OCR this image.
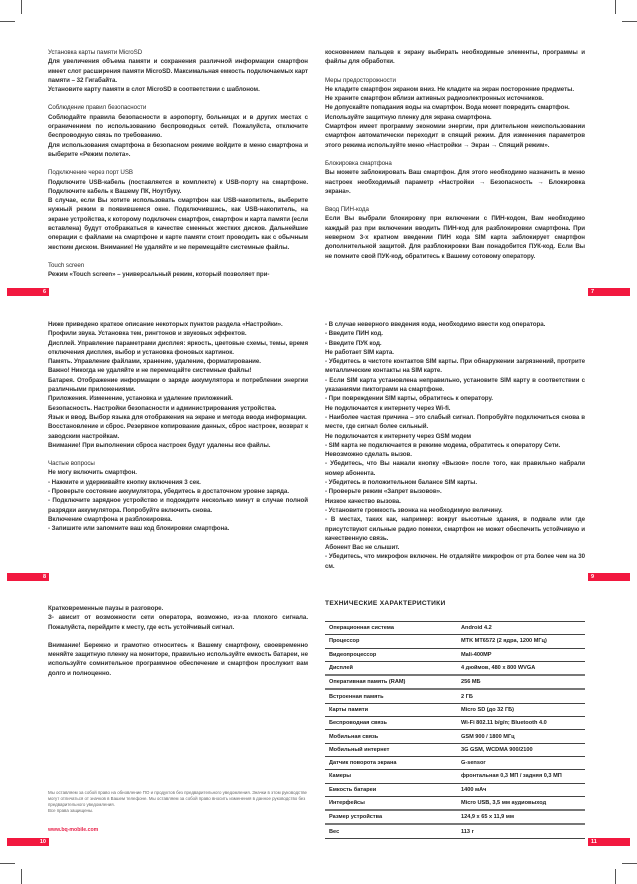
Установка карты памяти MicroSD

Для увеличения объема памяти и сохранения различной информации смартфон имеет слот расширения памяти MicroSD. Максимальная емкость подключаемых карт памяти – 32 Гигабайта.

Установите карту памяти в слот MicroSD в соответствии с шаблоном.

Соблюдение правил безопасности

Соблюдайте правила безопасности в аэропорту, больницах и в других местах с ограничением по использованию беспроводных сетей. Пожалуйста, отключите беспроводную связь по требованию.

Для использования смартфона в безопасном режиме войдите в меню смартфона и выберите «Режим полета».

Подключение через порт USB

Подключите USB-кабель (поставляется в комплекте) к USB-порту на смартфоне. Подключите кабель к Вашему ПК, Ноутбуку.

В случае, если Вы хотите использовать смартфон как USB-накопитель, выберите нужный режим в появившемся окне. Подключившись, как USB-накопитель, на экране устройства, к которому подключен смартфон, смартфон и карта памяти (если вставлена) будут отображаться в качестве сменных жестких дисков. Дальнейшие операции с файлами на смартфоне и карте памяти стоит проводить как с обычным жестким диском. Внимание! Не удаляйте и не перемещайте системные файлы.

Touch screen

Режим «Touch screen» – универсальный режим, который позволяет при-

косновением пальцев к экрану выбирать необходимые элементы, программы и файлы для обработки.

Меры предосторожности

Не кладите смартфон экраном вниз. Не кладите на экран посторонние предметы.

Не храните смартфон вблизи активных радиоэлектронных источников.

Не допускайте попадания воды на смартфон. Вода может повредить смартфон.

Используйте защитную пленку для экрана смартфона.

Смартфон имеет программу экономии энергии, при длительном неиспользовании смартфон автоматически переходит в спящий режим. Для изменения параметров этого режима используйте меню «Настройки → Экран → Спящий режим».

Блокировка смартфона

Вы можете заблокировать Ваш смартфон. Для этого необходимо назначить в меню настроек необходимый параметр «Настройки → Безопасность → Блокировка экрана».

Ввод ПИН-кода

Если Вы выбрали блокировку при включении с ПИН-кодом, Вам необходимо каждый раз при включении вводить ПИН-код для разблокировки смартфона. При неверном 3-х кратном введении ПИН кода SIM карта заблокирует смартфон дополнительной защитой. Для разблокировки Вам понадобится ПУК-код. Если Вы не помните свой ПУК-код, обратитесь к Вашему сотовому оператору.

Ниже приведено краткое описание некоторых пунктов раздела «Настройки».

Профили звука. Установка тем, рингтонов и звуковых эффектов.

Дисплей. Управление параметрами дисплея: яркость, цветовые схемы, темы, время отключения дисплея, выбор и установка фоновых картинок.

Память. Управление файлами, хранение, удаление, форматирование.

Важно! Никогда не удаляйте и не перемещайте системные файлы!

Батарея. Отображение информации о заряде аккумулятора и потреблении энергии различными приложениями.

Приложения. Изменение, установка и удаление приложений.

Безопасность. Настройки безопасности и администрирования устройства.

Язык и ввод. Выбор языка для отображения на экране и метода ввода информации.

Восстановление и сброс. Резервное копирование данных, сброс настроек, возврат к заводским настройкам.

Внимание! При выполнении сброса настроек будут удалены все файлы.

Частые вопросы

Не могу включить смартфон.

- Нажмите и удерживайте кнопку включения 3 сек.

- Проверьте состояние аккумулятора, убедитесь в достаточном уровне заряда.

- Подключите зарядное устройство и подождите несколько минут в случае полной разрядки аккумулятора. Попробуйте включить снова.

Включение смартфона и разблокировка.

- Запишите или запомните ваш код блокировки смартфона.

- В случае неверного введения кода, необходимо ввести код оператора.

- Введите ПИН код.

- Введите ПУК код.

Не работает SIM карта.

- Убедитесь в чистоте контактов SIM карты. При обнаружении загрязнений, протрите металлические контакты на SIM карте.

- Если SIM карта установлена неправильно, установите SIM карту в соответствии с указаниями пиктограмм на смартфоне.

- При повреждении SIM карты, обратитесь к оператору.

Не подключается к интернету через Wi-fi.

- Наиболее частая причина – это слабый сигнал. Попробуйте подключиться снова в месте, где сигнал более сильный.

Не подключается к интернету через GSM модем

- SIM карта не подключается в режиме модема, обратитесь к оператору Сети.

Невозможно сделать вызов.

- Убедитесь, что Вы нажали кнопку «Вызов» после того, как правильно набрали номер абонента.

- Убедитесь в положительном балансе SIM карты.

- Проверьте режим «Запрет вызовов».

Низкое качество вызова.

- Установите громкость звонка на необходимую величину.

- В местах, таких как, например: вокруг высотные здания, в подвале или где присутствуют сильные радио помехи, смартфон не может обеспечить устойчивую и качественную связь.

Абонент Вас не слышит.

- Убедитесь, что микрофон включен. Не отдаляйте микрофон от рта более чем на 30 см.

Кратковременные паузы в разговоре.

З- ависит от возможности сети оператора, возможно, из-за плохого сигнала. Пожалуйста, перейдите к месту, где есть устойчивый сигнал.

Внимание! Бережно и грамотно относитесь к Вашему смартфону, своевременно меняйте защитную пленку на мониторе, правильно используйте емкость батареи, не используйте сомнительное программное обеспечение и смартфон прослужит вам долго и полноценно.

6	7
8	9
10	11

Мы оставляем за собой право на обновление ПО и продуктов без предварительного уведомления. Значки в этом руководстве могут отличаться от значков в Вашем телефоне. Мы оставляем за собой право вносить изменения в данное руководство без предварительного уведомления.

Все права защищены.

www.bq-mobile.com
ТЕХНИЧЕСКИЕ ХАРАКТЕРИСТИКИ
Операционная система	Android 4.2
Процессор	MTK MT6572 (2 ядра, 1200 МГц)
Видеопроцессор	Mali-400MP
Дисплей	4 дюймов, 480 x 800 WVGA
Оперативная память (RAM)	256 МБ
Встроенная память	2 ГБ
Карты памяти	Micro SD (до 32 ГБ)
Беспроводная связь	Wi-Fi 802.11 b/g/n; Bluetooth 4.0
Мобильная связь	GSM 900 / 1800 МГц
Мобильный интернет	3G GSM, WCDMA 900/2100
Датчик поворота экрана	G-sensor
Камеры	фронтальная 0,3 МП / задняя 0,3 МП
Емкость батареи	1400 мАч
Интерфейсы	Micro USB, 3,5 мм аудиовыход
Размер устройства	124,9 x 65 x 11,9 мм
Вес	113 г
